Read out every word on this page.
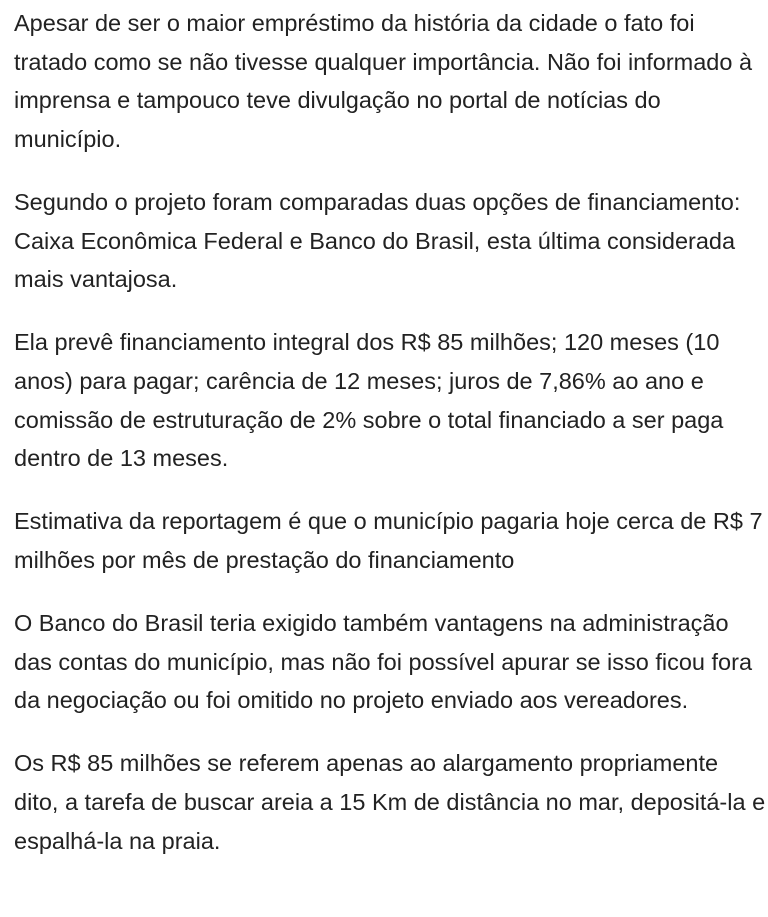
Apesar de ser o maior empréstimo da história da cidade o fato foi tratado como se não tivesse qualquer importância. Não foi informado à imprensa e tampouco teve divulgação no portal de notícias do município.

Segundo o projeto foram comparadas duas opções de financiamento: Caixa Econômica Federal e Banco do Brasil, esta última considerada mais vantajosa.

Ela prevê financiamento integral dos R$ 85 milhões; 120 meses (10 anos) para pagar; carência de 12 meses; juros de 7,86% ao ano e comissão de estruturação de 2% sobre o total financiado a ser paga dentro de 13 meses.

Estimativa da reportagem é que o município pagaria hoje cerca de R$ 7 milhões por mês de prestação do financiamento

O Banco do Brasil teria exigido também vantagens na administração das contas do município, mas não foi possível apurar se isso ficou fora da negociação ou foi omitido no projeto enviado aos vereadores.

Os R$ 85 milhões se referem apenas ao alargamento propriamente dito, a tarefa de buscar areia a 15 Km de distância no mar, depositá-la e espalhá-la na praia.
